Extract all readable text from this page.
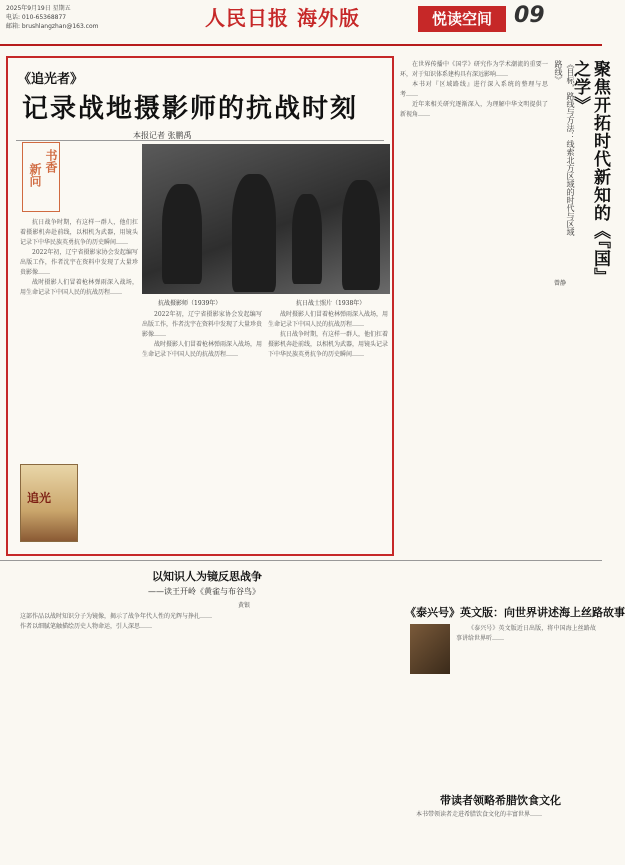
2025年9月19日 星期五
电话: 010-65368877
邮箱: brushlangzhan@163.com	人民日报 海外版	悦读空间	09
《追光者》
记录战地摄影师的抗战时刻
本报记者 张鹏禹
书香
新问

抗日战争时期，有这样一群人，他们扛着摄影机奔赴前线，以相机为武器，用镜头记录下中华民族英勇抗争的历史瞬间……

2022年初，辽宁省摄影家协会发起编写出版工作，作者沈宇在资料中发现了大量珍贵影像……

战时摄影人们冒着枪林弹雨深入战场，用生命记录下中国人民的抗战历程……

抗战摄影师（1939年）	抗日战士照片（1938年）

2022年初，辽宁省摄影家协会发起编写出版工作，作者沈宇在资料中发现了大量珍贵影像……

战时摄影人们冒着枪林弹雨深入战场，用生命记录下中国人民的抗战历程……

战时摄影人们冒着枪林弹雨深入战场，用生命记录下中国人民的抗战历程……

抗日战争时期，有这样一群人，他们扛着摄影机奔赴前线，以相机为武器，用镜头记录下中华民族英勇抗争的历史瞬间……

追光

在世界传播中《国学》研究作为学术潮流的重要一环，对于知识体系建构具有深远影响……

本书对『区域路线』进行深入系统的整理与思考……

近年来相关研究逐渐深入，为理解中华文明提供了新视角……	《目标，路线与方法：线索北方区域的时代与区域路线》	聚焦开拓时代新知的《『国』之学》
曾静
以知识人为镜反思战争
——读王开岭《黄雀与布谷鸟》
黄银

这部作品以战时知识分子为镜像，揭示了战争年代人性的光辉与挣扎……

作者以细腻笔触描绘历史人物命运，引人深思……

《泰兴号》英文版：向世界讲述海上丝路故事

《泰兴号》英文版近日出版，将中国海上丝路故事讲给世界听……

带读者领略希腊饮食文化

本书带领读者走进希腊饮食文化的丰富世界……
